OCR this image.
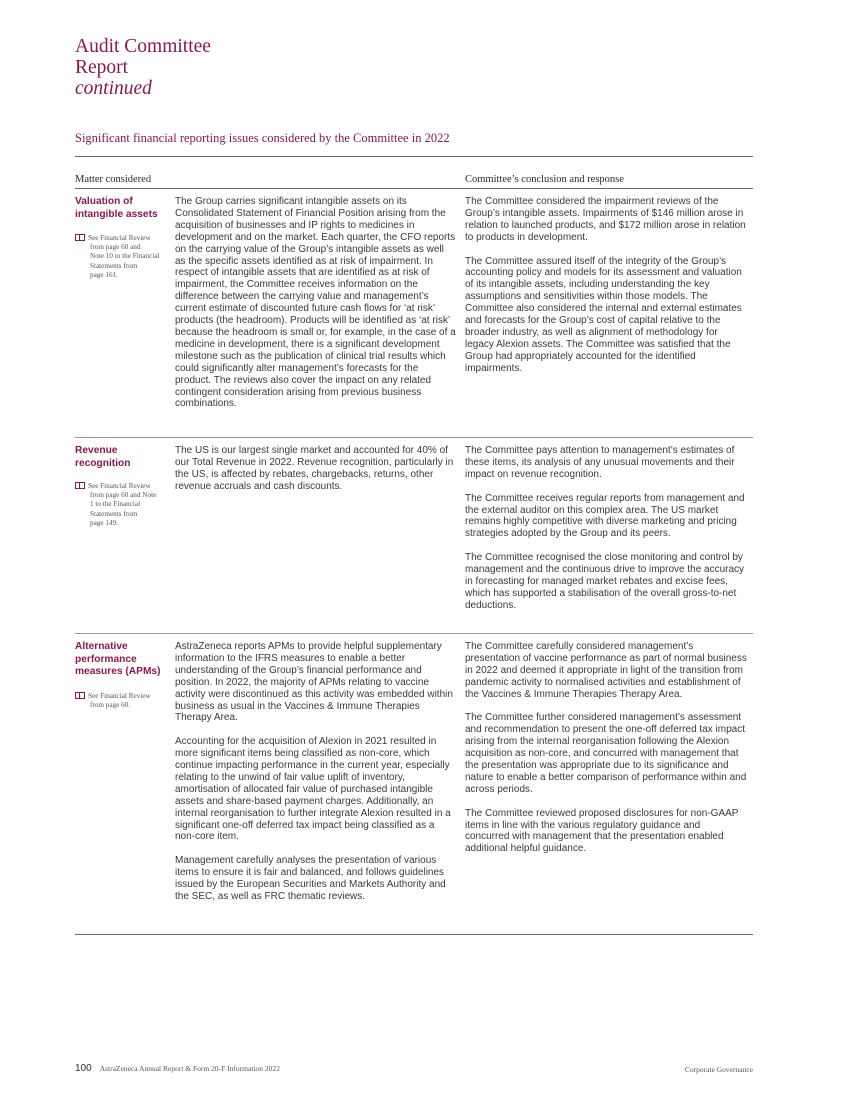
Audit Committee
Report
continued
Significant financial reporting issues considered by the Committee in 2022
Matter considered	Committee’s conclusion and response
Valuation of intangible assets
See Financial Review
from page 60 and
Note 10 to the Financial
Statements from
page 161.

The Group carries significant intangible assets on its Consolidated Statement of Financial Position arising from the acquisition of businesses and IP rights to medicines in development and on the market. Each quarter, the CFO reports on the carrying value of the Group’s intangible assets as well as the specific assets identified as at risk of impairment. In respect of intangible assets that are identified as at risk of impairment, the Committee receives information on the difference between the carrying value and management’s current estimate of discounted future cash flows for ‘at risk’ products (the headroom). Products will be identified as ‘at risk’ because the headroom is small or, for example, in the case of a medicine in development, there is a significant development milestone such as the publication of clinical trial results which could significantly alter management’s forecasts for the product. The reviews also cover the impact on any related contingent consideration arising from previous business combinations.

The Committee considered the impairment reviews of the Group’s intangible assets. Impairments of $146 million arose in relation to launched products, and $172 million arose in relation to products in development.

The Committee assured itself of the integrity of the Group’s accounting policy and models for its assessment and valuation of its intangible assets, including understanding the key assumptions and sensitivities within those models. The Committee also considered the internal and external estimates and forecasts for the Group’s cost of capital relative to the broader industry, as well as alignment of methodology for legacy Alexion assets. The Committee was satisfied that the Group had appropriately accounted for the identified impairments.

Revenue recognition
See Financial Review
from page 60 and Note
1 to the Financial
Statements from
page 149.

The US is our largest single market and accounted for 40% of our Total Revenue in 2022. Revenue recognition, particularly in the US, is affected by rebates, chargebacks, returns, other revenue accruals and cash discounts.

The Committee pays attention to management’s estimates of these items, its analysis of any unusual movements and their impact on revenue recognition.

The Committee receives regular reports from management and the external auditor on this complex area. The US market remains highly competitive with diverse marketing and pricing strategies adopted by the Group and its peers.

The Committee recognised the close monitoring and control by management and the continuous drive to improve the accuracy in forecasting for managed market rebates and excise fees, which has supported a stabilisation of the overall gross-to-net deductions.

Alternative performance measures (APMs)
See Financial Review
from page 60.

AstraZeneca reports APMs to provide helpful supplementary information to the IFRS measures to enable a better understanding of the Group’s financial performance and position. In 2022, the majority of APMs relating to vaccine activity were discontinued as this activity was embedded within business as usual in the Vaccines & Immune Therapies Therapy Area.

Accounting for the acquisition of Alexion in 2021 resulted in more significant items being classified as non-core, which continue impacting performance in the current year, especially relating to the unwind of fair value uplift of inventory, amortisation of allocated fair value of purchased intangible assets and share-based payment charges. Additionally, an internal reorganisation to further integrate Alexion resulted in a significant one-off deferred tax impact being classified as a non-core item.

Management carefully analyses the presentation of various items to ensure it is fair and balanced, and follows guidelines issued by the European Securities and Markets Authority and the SEC, as well as FRC thematic reviews.

The Committee carefully considered management’s presentation of vaccine performance as part of normal business in 2022 and deemed it appropriate in light of the transition from pandemic activity to normalised activities and establishment of the Vaccines & Immune Therapies Therapy Area.

The Committee further considered management’s assessment and recommendation to present the one-off deferred tax impact arising from the internal reorganisation following the Alexion acquisition as non-core, and concurred with management that the presentation was appropriate due to its significance and nature to enable a better comparison of performance within and across periods.

The Committee reviewed proposed disclosures for non-GAAP items in line with the various regulatory guidance and concurred with management that the presentation enabled additional helpful guidance.

100 AstraZeneca Annual Report & Form 20-F Information 2022	Corporate Governance
